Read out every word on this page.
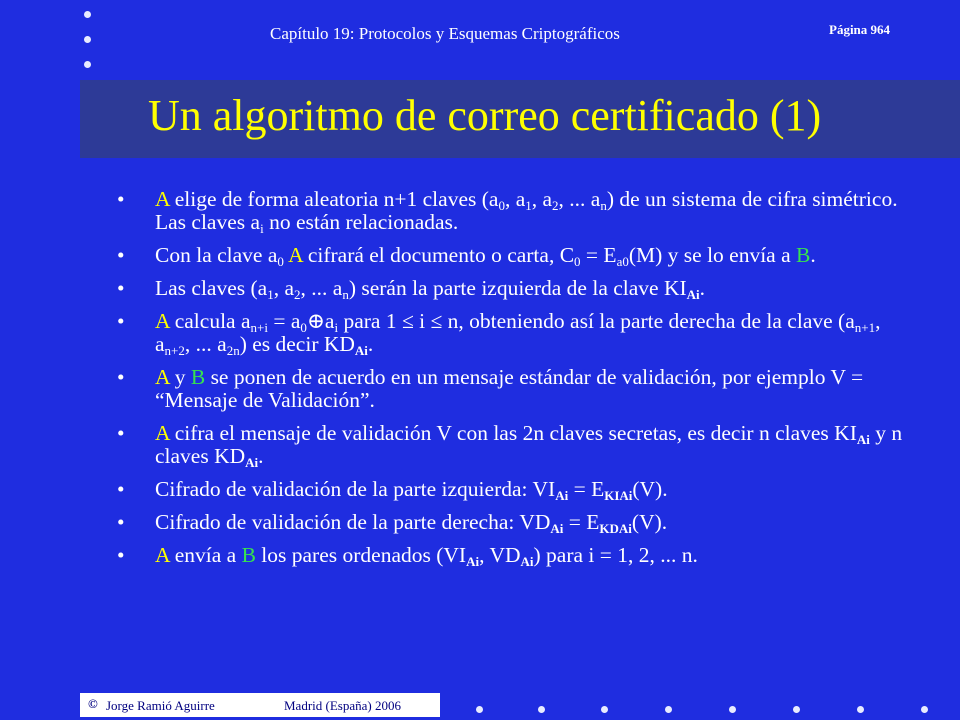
Capítulo 19: Protocolos y Esquemas Criptográficos	Página 964
Un algoritmo de correo certificado (1)
• A elige de forma aleatoria n+1 claves ($a_0$, $a_1$, $a_2$, ... $a_n$) de un sistema de cifra simétrico. Las claves $a_i$ no están relacionadas.
• Con la clave $a_0$ A cifrará el documento o carta, $C_0 = E_{a0}(M)$ y se lo envía a B.
• Las claves ($a_1$, $a_2$, ... $a_n$) serán la parte izquierda de la clave $KI_{Ai}$.
• A calcula $a_{n+i}$ = $a_0\oplus a_i$ para 1 ≤ i ≤ n, obteniendo así la parte derecha de la clave ($a_{n+1}$, $a_{n+2}$, ... $a_{2n}$) es decir $KD_{Ai}$.
• A y B se ponen de acuerdo en un mensaje estándar de validación, por ejemplo V = “Mensaje de Validación”.
• A cifra el mensaje de validación V con las 2n claves secretas, es decir n claves $KI_{Ai}$ y n claves $KD_{Ai}$.
• Cifrado de validación de la parte izquierda: $VI_{Ai} = E_{KIAi}(V)$.
• Cifrado de validación de la parte derecha: $VD_{Ai} = E_{KDAi}(V)$.
• A envía a B los pares ordenados ($VI_{Ai}$, $VD_{Ai}$) para i = 1, 2, ... n.
© Jorge Ramió Aguirre	Madrid (España) 2006
